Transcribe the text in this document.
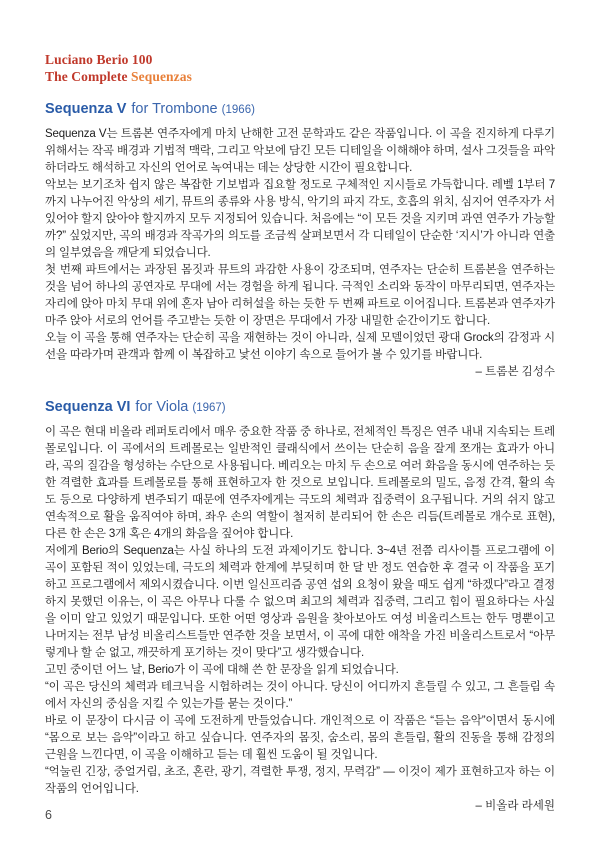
Luciano Berio 100
The Complete Sequenzas
Sequenza V for Trombone (1966)

Sequenza V는 트롬본 연주자에게 마치 난해한 고전 문학과도 같은 작품입니다. 이 곡을 진지하게 다루기 위해서는 작곡 배경과 기법적 맥락, 그리고 악보에 담긴 모든 디테일을 이해해야 하며, 설사 그것들을 파악하더라도 해석하고 자신의 언어로 녹여내는 데는 상당한 시간이 필요합니다.

악보는 보기조차 쉽지 않은 복잡한 기보법과 집요할 정도로 구체적인 지시들로 가득합니다. 레벨 1부터 7까지 나누어진 악상의 세기, 뮤트의 종류와 사용 방식, 악기의 파지 각도, 호흡의 위치, 심지어 연주자가 서 있어야 할지 앉아야 할지까지 모두 지정되어 있습니다. 처음에는 “이 모든 것을 지키며 과연 연주가 가능할까?” 싶었지만, 곡의 배경과 작곡가의 의도를 조금씩 살펴보면서 각 디테일이 단순한 ‘지시’가 아니라 연출의 일부였음을 깨닫게 되었습니다.

첫 번째 파트에서는 과장된 몸짓과 뮤트의 과감한 사용이 강조되며, 연주자는 단순히 트롬본을 연주하는 것을 넘어 하나의 공연자로 무대에 서는 경험을 하게 됩니다. 극적인 소리와 동작이 마무리되면, 연주자는 자리에 앉아 마치 무대 위에 혼자 남아 리허설을 하는 듯한 두 번째 파트로 이어집니다. 트롬본과 연주자가 마주 앉아 서로의 언어를 주고받는 듯한 이 장면은 무대에서 가장 내밀한 순간이기도 합니다.

오늘 이 곡을 통해 연주자는 단순히 곡을 재현하는 것이 아니라, 실제 모델이었던 광대 Grock의 감정과 시선을 따라가며 관객과 함께 이 복잡하고 낯선 이야기 속으로 들어가 볼 수 있기를 바랍니다.

– 트롬본 김성수

Sequenza VI for Viola (1967)

이 곡은 현대 비올라 레퍼토리에서 매우 중요한 작품 중 하나로, 전체적인 특징은 연주 내내 지속되는 트레몰로입니다. 이 곡에서의 트레몰로는 일반적인 클래식에서 쓰이는 단순히 음을 잘게 쪼개는 효과가 아니라, 곡의 질감을 형성하는 수단으로 사용됩니다. 베리오는 마치 두 손으로 여러 화음을 동시에 연주하는 듯한 격렬한 효과를 트레몰로를 통해 표현하고자 한 것으로 보입니다. 트레몰로의 밀도, 음정 간격, 활의 속도 등으로 다양하게 변주되기 때문에 연주자에게는 극도의 체력과 집중력이 요구됩니다. 거의 쉬지 않고 연속적으로 활을 움직여야 하며, 좌우 손의 역할이 철저히 분리되어 한 손은 리듬(트레몰로 개수로 표현), 다른 한 손은 3개 혹은 4개의 화음을 짚어야 합니다.

저에게 Berio의 Sequenza는 사실 하나의 도전 과제이기도 합니다. 3~4년 전쯤 리사이틀 프로그램에 이 곡이 포함된 적이 있었는데, 극도의 체력과 한계에 부딪히며 한 달 반 정도 연습한 후 결국 이 작품을 포기하고 프로그램에서 제외시켰습니다. 이번 일신프리즘 공연 섭외 요청이 왔을 때도 쉽게 “하겠다”라고 결정하지 못했던 이유는, 이 곡은 아무나 다룰 수 없으며 최고의 체력과 집중력, 그리고 힘이 필요하다는 사실을 이미 알고 있었기 때문입니다. 또한 어떤 영상과 음원을 찾아보아도 여성 비올리스트는 한두 명뿐이고 나머지는 전부 남성 비올리스트들만 연주한 것을 보면서, 이 곡에 대한 애착을 가진 비올리스트로서 “아무렇게나 할 순 없고, 깨끗하게 포기하는 것이 맞다”고 생각했습니다.

고민 중이던 어느 날, Berio가 이 곡에 대해 쓴 한 문장을 읽게 되었습니다.

“이 곡은 당신의 체력과 테크닉을 시험하려는 것이 아니다. 당신이 어디까지 흔들릴 수 있고, 그 흔들림 속에서 자신의 중심을 지킬 수 있는가를 묻는 것이다.”

바로 이 문장이 다시금 이 곡에 도전하게 만들었습니다. 개인적으로 이 작품은 “듣는 음악”이면서 동시에 “몸으로 보는 음악”이라고 하고 싶습니다. 연주자의 몸짓, 숨소리, 몸의 흔들림, 활의 진동을 통해 감정의 근원을 느낀다면, 이 곡을 이해하고 듣는 데 훨씬 도움이 될 것입니다.

“억눌린 긴장, 중얼거림, 초조, 혼란, 광기, 격렬한 투쟁, 정지, 무력감” — 이것이 제가 표현하고자 하는 이 작품의 언어입니다.

– 비올라 라세원

6
